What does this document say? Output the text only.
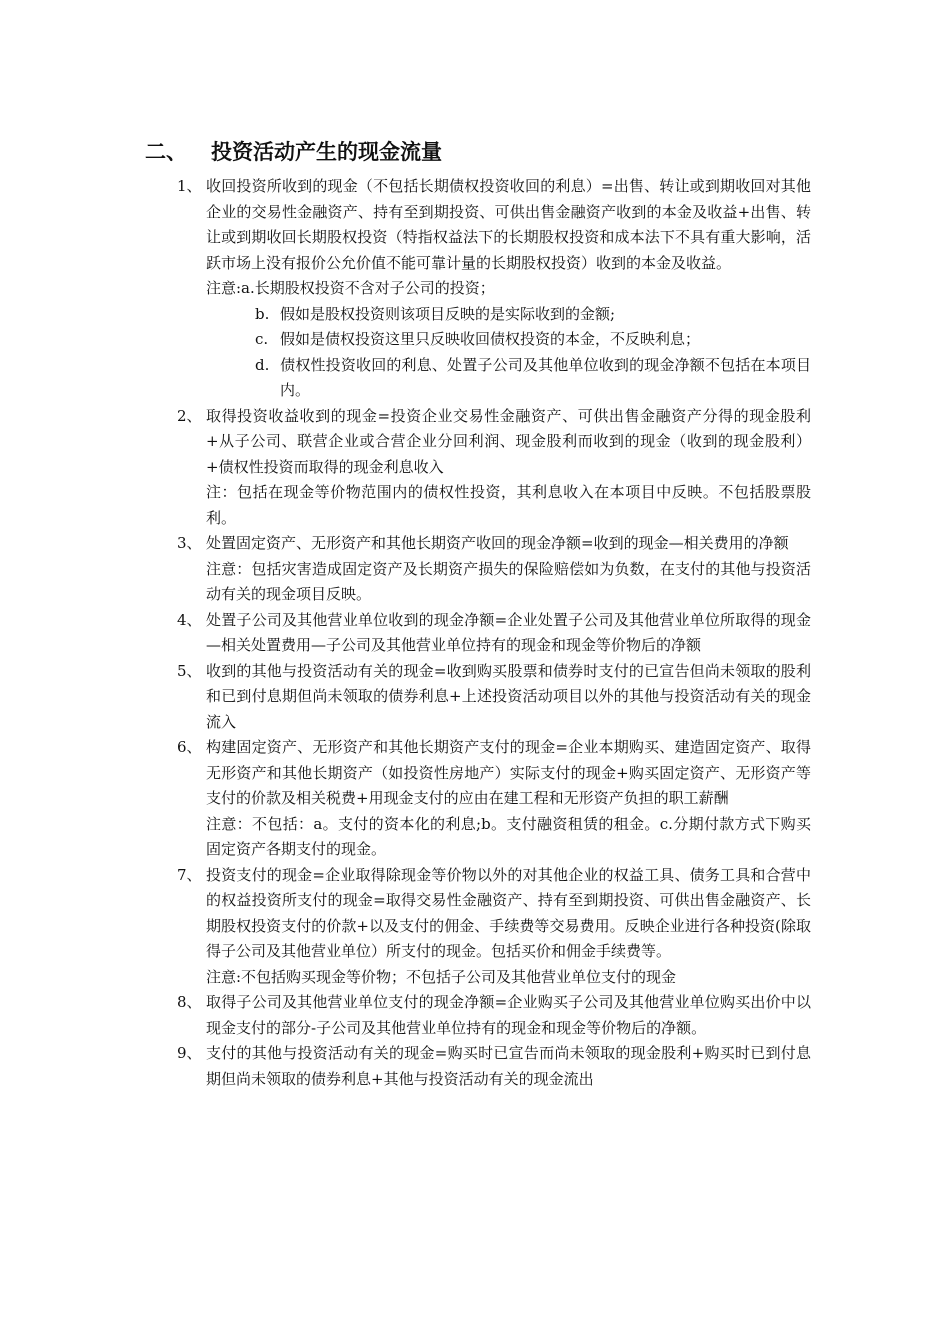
二、 投资活动产生的现金流量
1、 收回投资所收到的现金（不包括长期债权投资收回的利息）=出售、转让或到期收回对其他企业的交易性金融资产、持有至到期投资、可供出售金融资产收到的本金及收益+出售、转让或到期收回长期股权投资（特指权益法下的长期股权投资和成本法下不具有重大影响，活跃市场上没有报价公允价值不能可靠计量的长期股权投资）收到的本金及收益。

注意:a.长期股权投资不含对子公司的投资；

b. 假如是股权投资则该项目反映的是实际收到的金额;

c. 假如是债权投资这里只反映收回债权投资的本金，不反映利息；

d. 债权性投资收回的利息、处置子公司及其他单位收到的现金净额不包括在本项目内。

2、 取得投资收益收到的现金=投资企业交易性金融资产、可供出售金融资产分得的现金股利+从子公司、联营企业或合营企业分回利润、现金股利而收到的现金（收到的现金股利）+债权性投资而取得的现金利息收入

注：包括在现金等价物范围内的债权性投资，其利息收入在本项目中反映。不包括股票股利。

3、 处置固定资产、无形资产和其他长期资产收回的现金净额=收到的现金—相关费用的净额

注意：包括灾害造成固定资产及长期资产损失的保险赔偿如为负数，在支付的其他与投资活动有关的现金项目反映。

4、 处置子公司及其他营业单位收到的现金净额=企业处置子公司及其他营业单位所取得的现金—相关处置费用—子公司及其他营业单位持有的现金和现金等价物后的净额

5、 收到的其他与投资活动有关的现金=收到购买股票和债券时支付的已宣告但尚未领取的股利和已到付息期但尚未领取的债券利息+上述投资活动项目以外的其他与投资活动有关的现金流入

6、 构建固定资产、无形资产和其他长期资产支付的现金=企业本期购买、建造固定资产、取得无形资产和其他长期资产（如投资性房地产）实际支付的现金+购买固定资产、无形资产等支付的价款及相关税费+用现金支付的应由在建工程和无形资产负担的职工薪酬

注意：不包括：a。支付的资本化的利息;b。支付融资租赁的租金。c.分期付款方式下购买固定资产各期支付的现金。

7、 投资支付的现金=企业取得除现金等价物以外的对其他企业的权益工具、债务工具和合营中的权益投资所支付的现金=取得交易性金融资产、持有至到期投资、可供出售金融资产、长期股权投资支付的价款+以及支付的佣金、手续费等交易费用。反映企业进行各种投资(除取得子公司及其他营业单位）所支付的现金。包括买价和佣金手续费等。

注意:不包括购买现金等价物；不包括子公司及其他营业单位支付的现金

8、 取得子公司及其他营业单位支付的现金净额=企业购买子公司及其他营业单位购买出价中以现金支付的部分-子公司及其他营业单位持有的现金和现金等价物后的净额。

9、 支付的其他与投资活动有关的现金=购买时已宣告而尚未领取的现金股利+购买时已到付息期但尚未领取的债券利息+其他与投资活动有关的现金流出
